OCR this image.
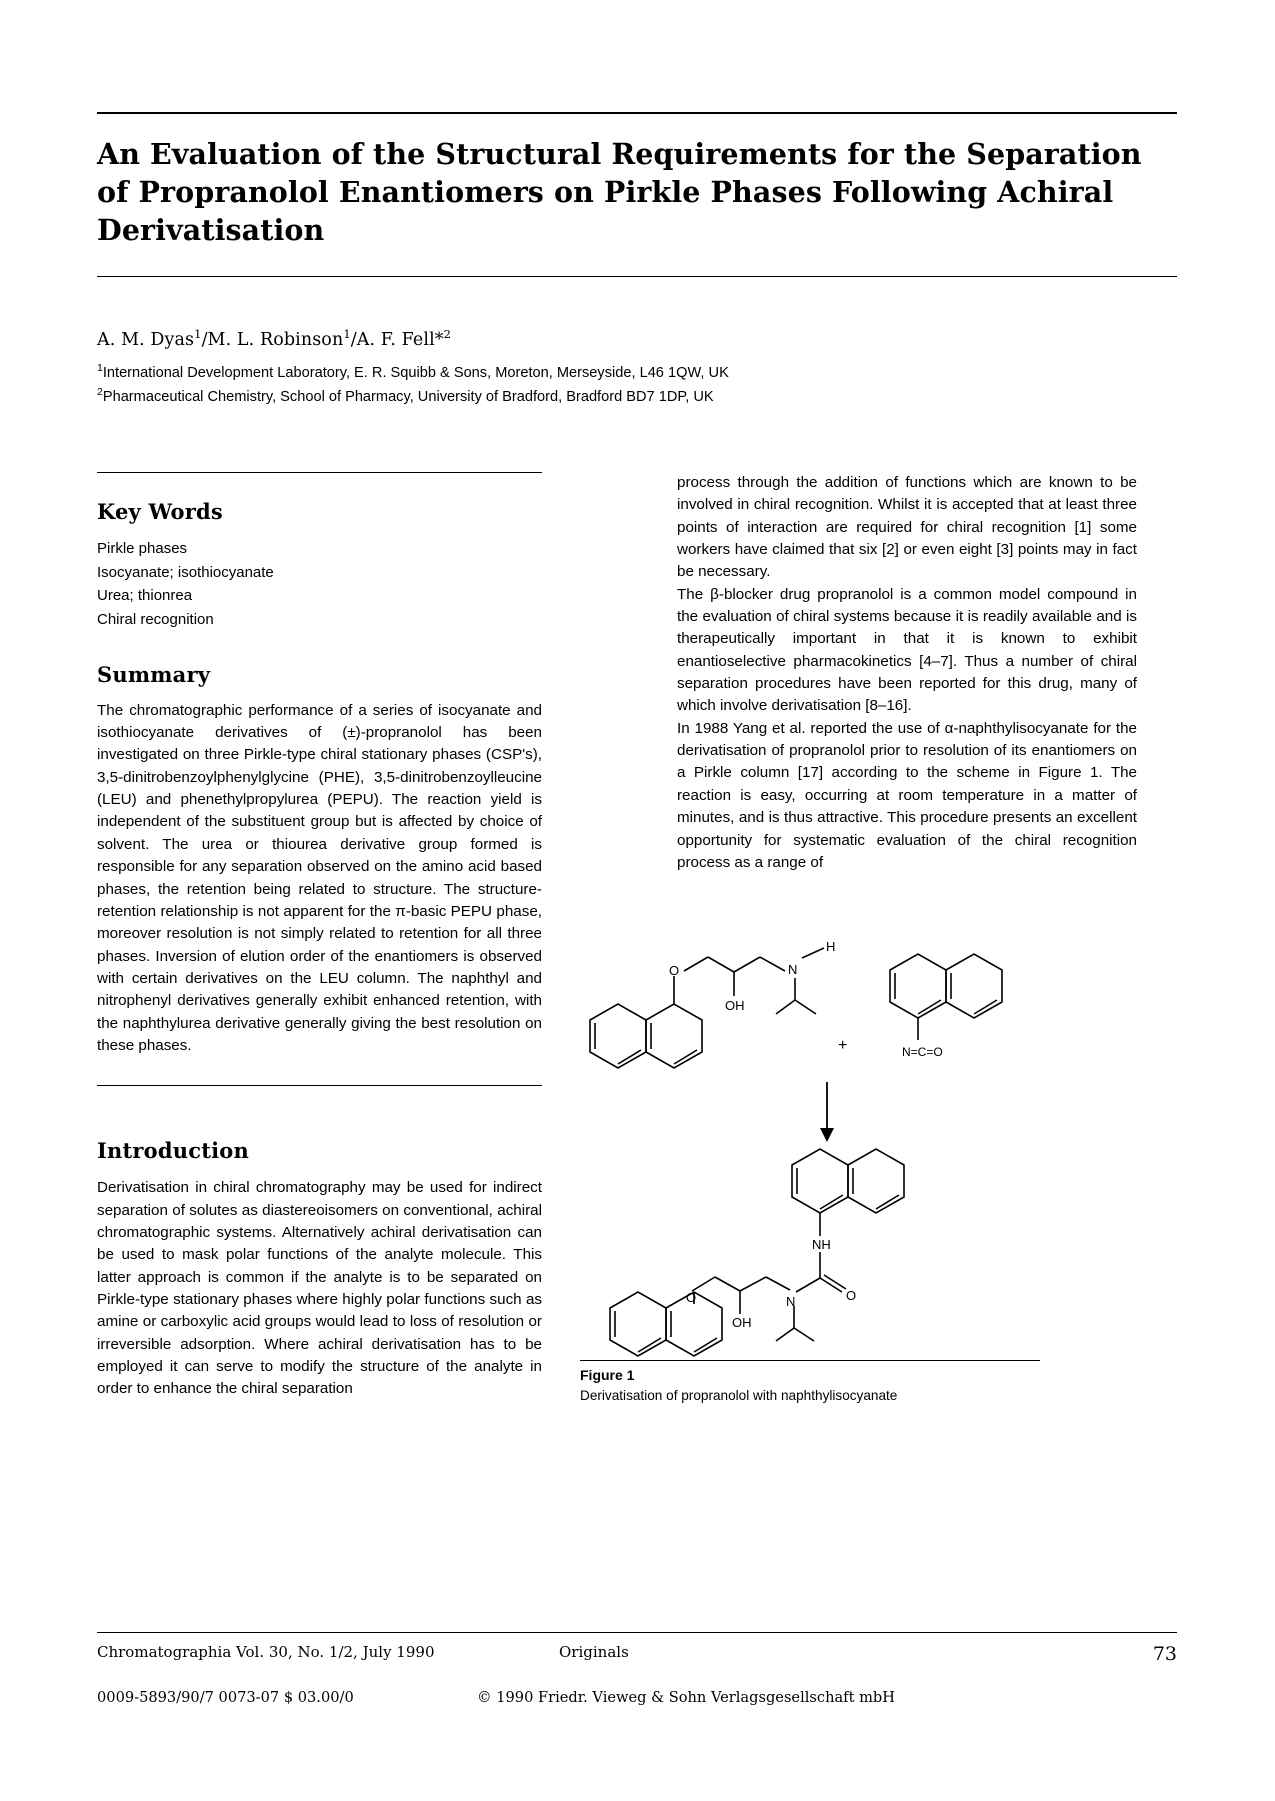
An Evaluation of the Structural Requirements for the Separation of Propranolol Enantiomers on Pirkle Phases Following Achiral Derivatisation
A. M. Dyas$^1$/M. L. Robinson$^1$/A. F. Fell*$^2$
$^1$International Development Laboratory, E. R. Squibb & Sons, Moreton, Merseyside, L46 1QW, UK
$^2$Pharmaceutical Chemistry, School of Pharmacy, University of Bradford, Bradford BD7 1DP, UK
Key Words
Pirkle phases
Isocyanate; isothiocyanate
Urea; thionrea
Chiral recognition
Summary

The chromatographic performance of a series of isocyanate and isothiocyanate derivatives of (±)-propranolol has been investigated on three Pirkle-type chiral stationary phases (CSP's), 3,5-dinitrobenzoylphenylglycine (PHE), 3,5-dinitrobenzoylleucine (LEU) and phenethylpropylurea (PEPU). The reaction yield is independent of the substituent group but is affected by choice of solvent. The urea or thiourea derivative group formed is responsible for any separation observed on the amino acid based phases, the retention being related to structure. The structure-retention relationship is not apparent for the π-basic PEPU phase, moreover resolution is not simply related to retention for all three phases. Inversion of elution order of the enantiomers is observed with certain derivatives on the LEU column. The naphthyl and nitrophenyl derivatives generally exhibit enhanced retention, with the naphthylurea derivative generally giving the best resolution on these phases.

Introduction

Derivatisation in chiral chromatography may be used for indirect separation of solutes as diastereoisomers on conventional, achiral chromatographic systems. Alternatively achiral derivatisation can be used to mask polar functions of the analyte molecule. This latter approach is common if the analyte is to be separated on Pirkle-type stationary phases where highly polar functions such as amine or carboxylic acid groups would lead to loss of resolution or irreversible adsorption. Where achiral derivatisation has to be employed it can serve to modify the structure of the analyte in order to enhance the chiral separation

process through the addition of functions which are known to be involved in chiral recognition. Whilst it is accepted that at least three points of interaction are required for chiral recognition [1] some workers have claimed that six [2] or even eight [3] points may in fact be necessary.

The β-blocker drug propranolol is a common model compound in the evaluation of chiral systems because it is readily available and is therapeutically important in that it is known to exhibit enantioselective pharmacokinetics [4–7]. Thus a number of chiral separation procedures have been reported for this drug, many of which involve derivatisation [8–16].

In 1988 Yang et al. reported the use of α-naphthylisocyanate for the derivatisation of propranolol prior to resolution of its enantiomers on a Pirkle column [17] according to the scheme in Figure 1. The reaction is easy, occurring at room temperature in a matter of minutes, and is thus attractive. This procedure presents an excellent opportunity for systematic evaluation of the chiral recognition process as a range of

O
OH
N
H
+	N=C=O
NH
O
N
OH
O
Figure 1
Derivatisation of propranolol with naphthylisocyanate
Chromatographia Vol. 30, No. 1/2, July 1990	Originals	73
0009-5893/90/7 0073-07 $ 03.00/0	© 1990 Friedr. Vieweg & Sohn Verlagsgesellschaft mbH
